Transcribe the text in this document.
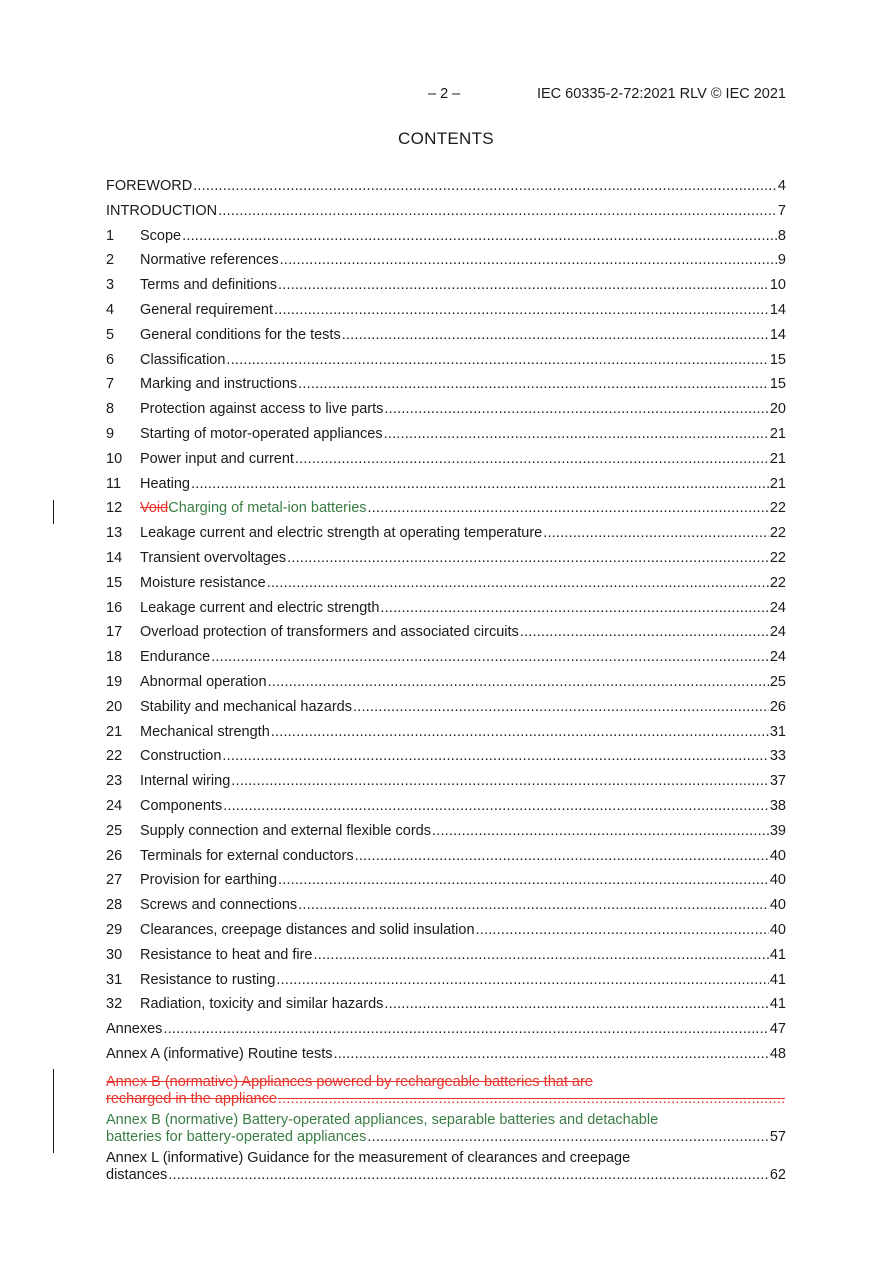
– 2 –	IEC 60335-2-72:2021 RLV © IEC 2021
CONTENTS
FOREWORD .....	4
INTRODUCTION .....	7
1	Scope .....	8
2	Normative references .....	9
3	Terms and definitions .....	10
4	General requirement .....	14
5	General conditions for the tests .....	14
6	Classification .....	15
7	Marking and instructions .....	15
8	Protection against access to live parts .....	20
9	Starting of motor-operated appliances .....	21
10	Power input and current .....	21
11	Heating .....	21
12	Void Charging of metal-ion batteries .....	22
13	Leakage current and electric strength at operating temperature .....	22
14	Transient overvoltages .....	22
15	Moisture resistance .....	22
16	Leakage current and electric strength .....	24
17	Overload protection of transformers and associated circuits .....	24
18	Endurance .....	24
19	Abnormal operation .....	25
20	Stability and mechanical hazards .....	26
21	Mechanical strength .....	31
22	Construction .....	33
23	Internal wiring .....	37
24	Components .....	38
25	Supply connection and external flexible cords .....	39
26	Terminals for external conductors .....	40
27	Provision for earthing .....	40
28	Screws and connections .....	40
29	Clearances, creepage distances and solid insulation .....	40
30	Resistance to heat and fire .....	41
31	Resistance to rusting .....	41
32	Radiation, toxicity and similar hazards .....	41
Annexes .....	47
Annex A (informative) Routine tests .....	48
Annex B (normative) Appliances powered by rechargeable batteries that are
recharged in the appliance
.....
Annex B (normative) Battery-operated appliances, separable batteries and detachable
batteries for battery-operated appliances .....	57
Annex L (informative) Guidance for the measurement of clearances and creepage
distances .....	62
